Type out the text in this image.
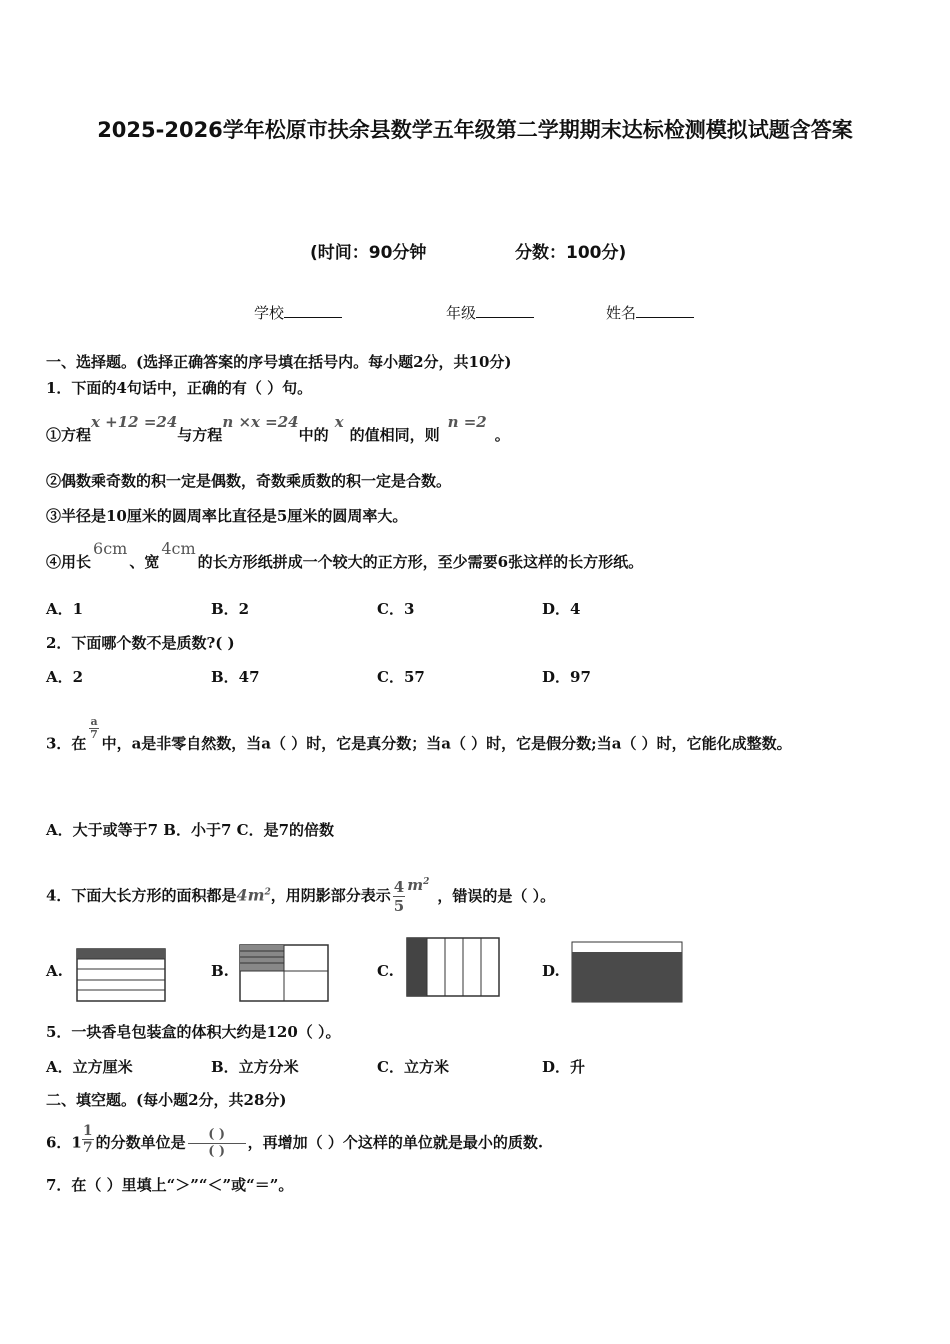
2025-2026学年松原市扶余县数学五年级第二学期期末达标检测模拟试题含答案
(时间：90分钟	分数：100分)
学校	年级	姓名
一、选择题。(选择正确答案的序号填在括号内。每小题2分，共10分)
1．下面的4句话中，正确的有（ ）句。
①方程x +12 =24与方程n ×x =24中的x的值相同，则n =2。
②偶数乘奇数的积一定是偶数，奇数乘质数的积一定是合数。
③半径是10厘米的圆周率比直径是5厘米的圆周率大。
④用长6cm、宽4cm的长方形纸拼成一个较大的正方形，至少需要6张这样的长方形纸。
A．1	B．2	C．3	D．4
2．下面哪个数不是质数?( )
A．2	B．47	C．57	D．97
3．在
$\frac{a}{7}$中，a是非零自然数，当a（ ）时，它是真分数；当a（ ）时，它是假分数;当a（ ）时，它能化成整数。
A．大于或等于7 B．小于7 C．是7的倍数
4．下面大长方形的面积都是$4m^2$，用阴影部分表示 $\frac{4}{5} m^2$，错误的是（ ）。
A.	B.	C.	D.
5．一块香皂包装盒的体积大约是120（ ）。
A．立方厘米	B．立方分米	C．立方米	D．升
二、填空题。(每小题2分，共28分)
6．$1 \frac{1}{7}$ 的分数单位是 $\frac{( )}{( )}$ ，再增加（ ）个这样的单位就是最小的质数.
7．在（ ）里填上“＞”“＜”或“＝”。
